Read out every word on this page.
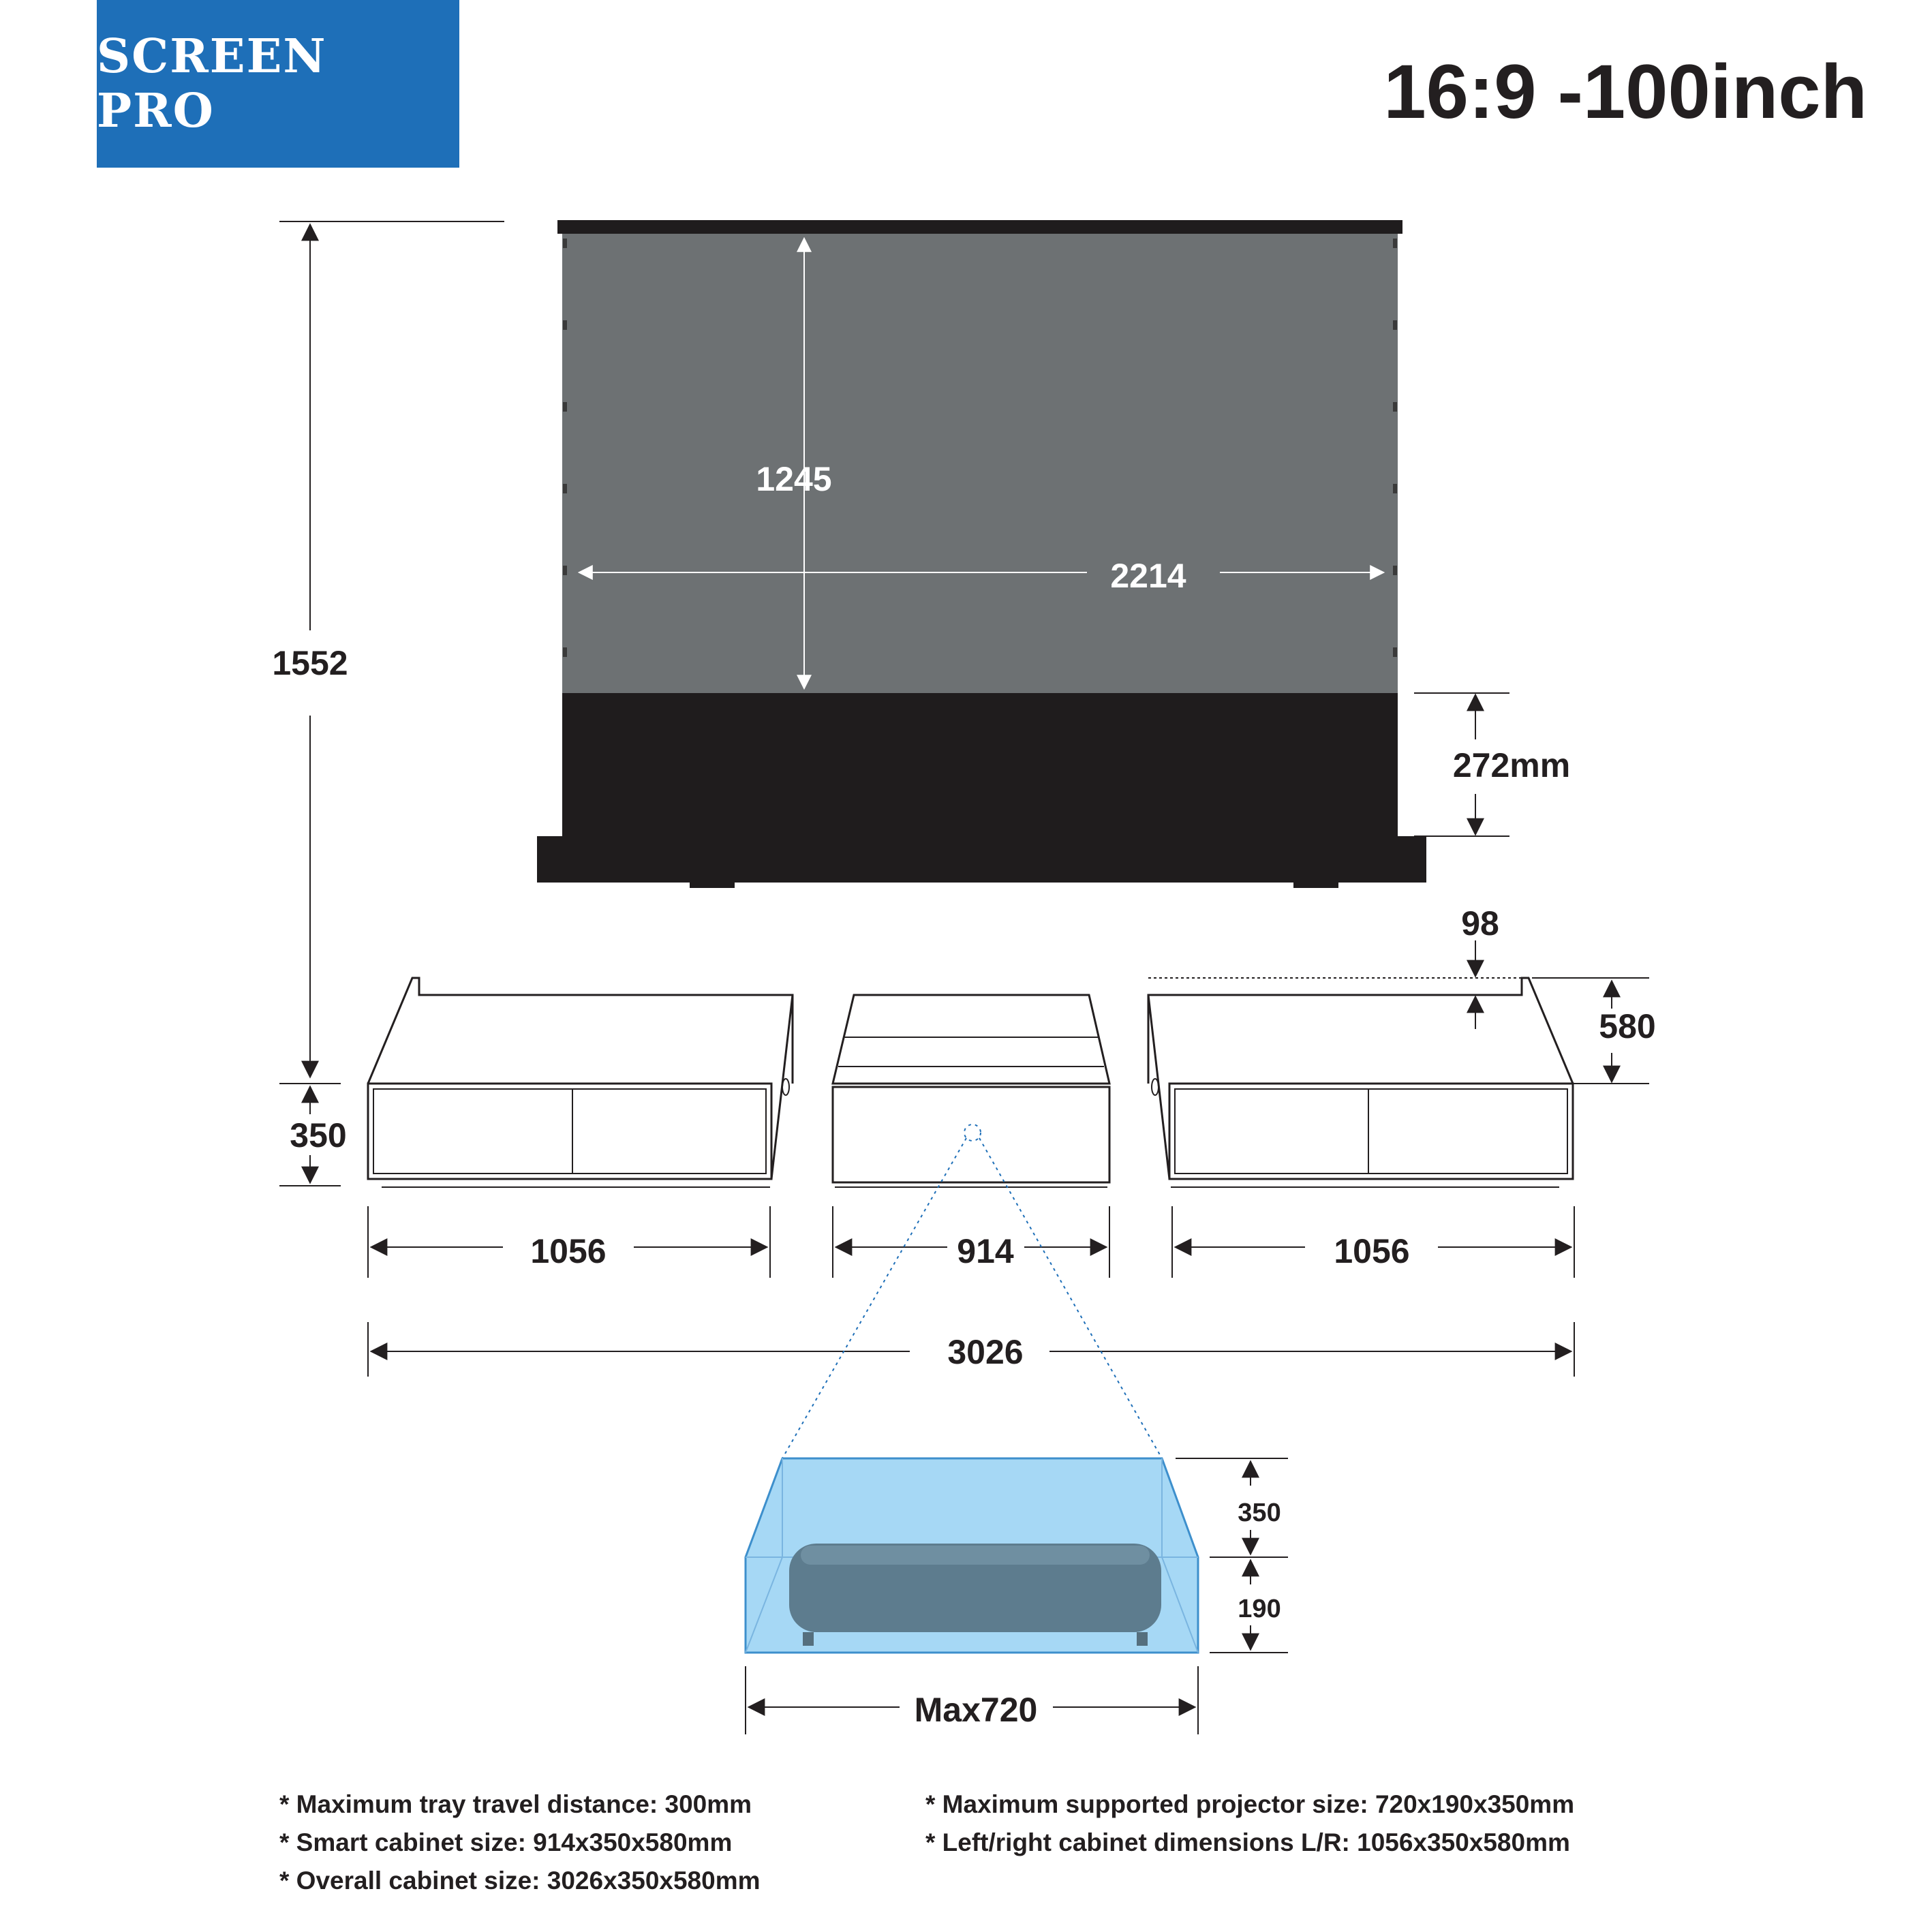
SCREEN PRO	16:9 -100inch
1245
2214
1552
272mm
98
580
350
1056	914	1056
3026
350
190
Max720
* Maximum tray travel distance: 300mm
* Smart cabinet size: 914x350x580mm
* Overall cabinet size: 3026x350x580mm
* Maximum supported projector size: 720x190x350mm
* Left/right cabinet dimensions L/R: 1056x350x580mm
